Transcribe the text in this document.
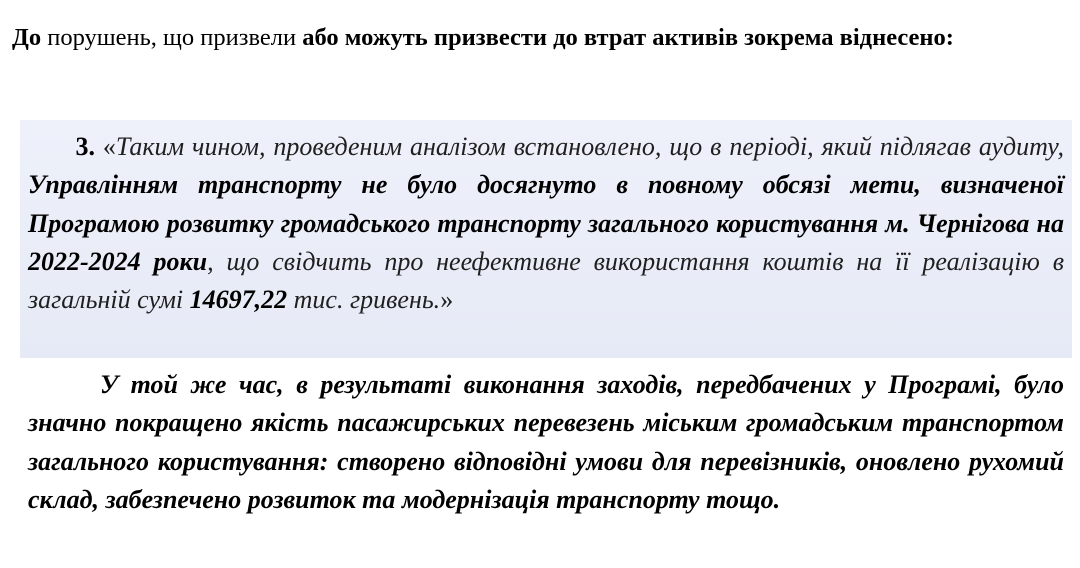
До порушень, що призвели або можуть призвести до втрат активів зокрема віднесено:
3. «Таким чином, проведеним аналізом встановлено, що в періоді, який підлягав аудиту, Управлінням транспорту не було досягнуто в повному обсязі мети, визначеної Програмою розвитку громадського транспорту загального користування м. Чернігова на 2022-2024 роки, що свідчить про неефективне використання коштів на її реалізацію в загальній сумі 14697,22 тис. гривень.»
У той же час, в результаті виконання заходів, передбачених у Програмі, було значно покращено якість пасажирських перевезень міським громадським транспортом загального користування: створено відповідні умови для перевізників, оновлено рухомий склад, забезпечено розвиток та модернізація транспорту тощо.
